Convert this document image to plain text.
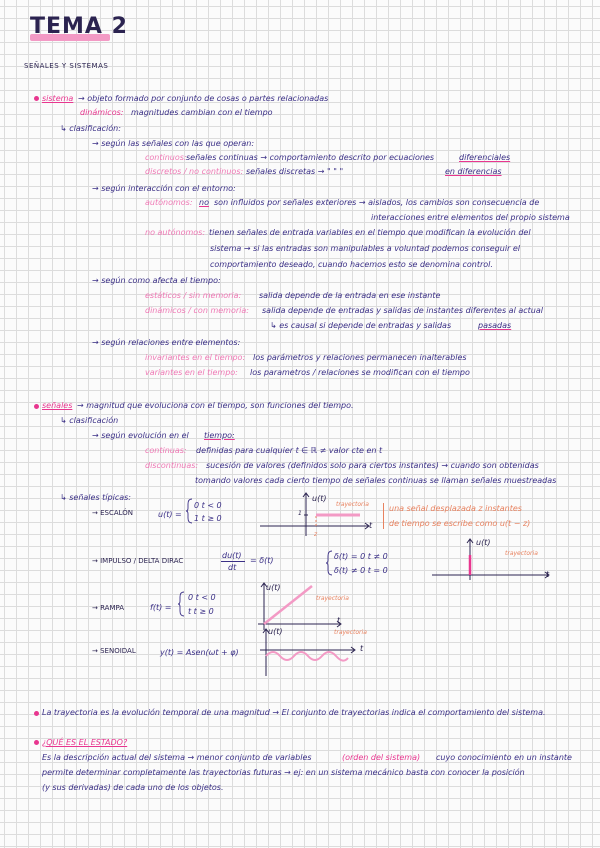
TEMA 2
SEÑALES Y SISTEMAS
sistema → objeto formado por conjunto de cosas o partes relacionadas
dinámicos: magnitudes cambian con el tiempo
↳ clasificación:
→ según las señales con las que operan:
continuos: señales continuas → comportamiento descrito por ecuaciones	diferenciales
discretos / no continuos: señales discretas → " " "	en diferencias
→ según interacción con el entorno:
autónomos: no son influidos por señales exteriores → aislados, los cambios son consecuencia de
interacciones entre elementos del propio sistema
no autónomos: tienen señales de entrada variables en el tiempo que modifican la evolución del
sistema → si las entradas son manipulables a voluntad podemos conseguir el
comportamiento deseado, cuando hacemos esto se denomina control.
→ según como afecta el tiempo:
estáticos / sin memoria: salida depende de la entrada en ese instante
dinámicos / con memoria: salida depende de entradas y salidas de instantes diferentes al actual
↳ es causal si depende de entradas y salidas	pasadas
→ según relaciones entre elementos:
invariantes en el tiempo: los parámetros y relaciones permanecen inalterables
variantes en el tiempo: los parametros / relaciones se modifican con el tiempo
señales → magnitud que evoluciona con el tiempo, son funciones del tiempo.
↳ clasificación
→ según evolución en el tiempo:
continuas: definidas para cualquier t ∈ ℝ ≠ valor cte en t
discontinuas: sucesión de valores (definidos solo para ciertos instantes) → cuando son obtenidas
tomando valores cada cierto tiempo de señales continuas se llaman señales muestreadas
↳ señales típicas:
→ ESCALÓN	u(t) =
0 t < 0
1 t ≥ 0
u(t)
t
1
z
trayectoria	una señal desplazada z instantes
de tiempo se escribe como u(t − z)
→ IMPULSO / DELTA DIRAC
du(t)
dt
= δ(t)	δ(t) = 0 t ≠ 0
δ(t) ≠ 0 t = 0
u(t)
t
trayectoria
→ RAMPA	f(t) =
0 t < 0
t t ≥ 0
u(t)
t
trayectoria
→ SENOIDAL	y(t) = Asen(ωt + φ)
u(t)
t
trayectoria
La trayectoria es la evolución temporal de una magnitud → El conjunto de trayectorias indica el comportamiento del sistema.
¿QUÉ ES EL ESTADO?
Es la descripción actual del sistema → menor conjunto de variables	(orden del sistema) cuyo conocimiento en un instante
permite determinar completamente las trayectorias futuras → ej: en un sistema mecánico basta con conocer la posición
(y sus derivadas) de cada uno de los objetos.
